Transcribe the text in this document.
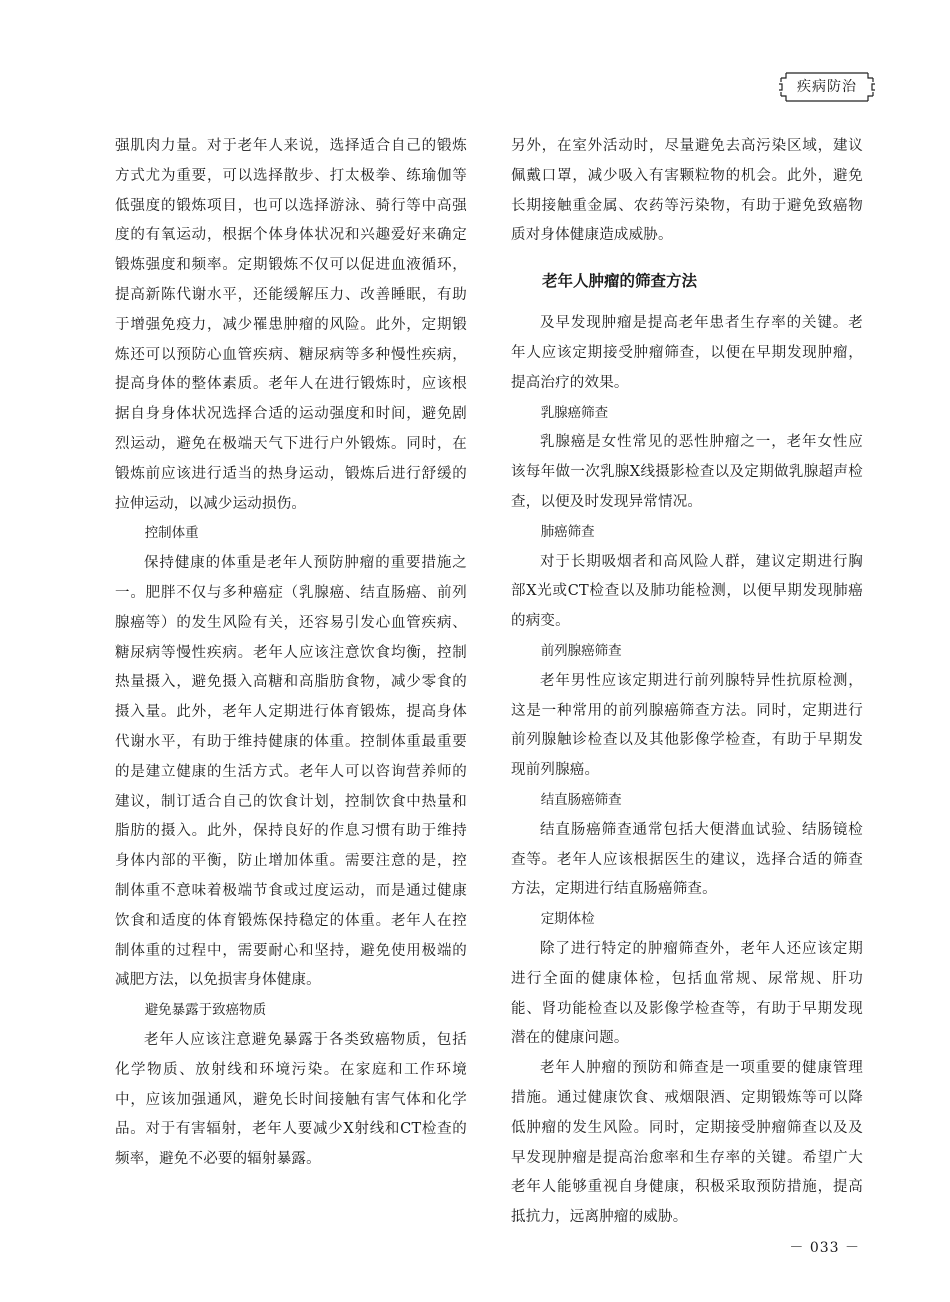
疾病防治

强肌肉力量。对于老年人来说，选择适合自己的锻炼方式尤为重要，可以选择散步、打太极拳、练瑜伽等低强度的锻炼项目，也可以选择游泳、骑行等中高强度的有氧运动，根据个体身体状况和兴趣爱好来确定锻炼强度和频率。定期锻炼不仅可以促进血液循环，提高新陈代谢水平，还能缓解压力、改善睡眠，有助于增强免疫力，减少罹患肿瘤的风险。此外，定期锻炼还可以预防心血管疾病、糖尿病等多种慢性疾病，提高身体的整体素质。老年人在进行锻炼时，应该根据自身身体状况选择合适的运动强度和时间，避免剧烈运动，避免在极端天气下进行户外锻炼。同时，在锻炼前应该进行适当的热身运动，锻炼后进行舒缓的拉伸运动，以减少运动损伤。

控制体重

保持健康的体重是老年人预防肿瘤的重要措施之一。肥胖不仅与多种癌症（乳腺癌、结直肠癌、前列腺癌等）的发生风险有关，还容易引发心血管疾病、糖尿病等慢性疾病。老年人应该注意饮食均衡，控制热量摄入，避免摄入高糖和高脂肪食物，减少零食的摄入量。此外，老年人定期进行体育锻炼，提高身体代谢水平，有助于维持健康的体重。控制体重最重要的是建立健康的生活方式。老年人可以咨询营养师的建议，制订适合自己的饮食计划，控制饮食中热量和脂肪的摄入。此外，保持良好的作息习惯有助于维持身体内部的平衡，防止增加体重。需要注意的是，控制体重不意味着极端节食或过度运动，而是通过健康饮食和适度的体育锻炼保持稳定的体重。老年人在控制体重的过程中，需要耐心和坚持，避免使用极端的减肥方法，以免损害身体健康。

避免暴露于致癌物质

老年人应该注意避免暴露于各类致癌物质，包括化学物质、放射线和环境污染。在家庭和工作环境中，应该加强通风，避免长时间接触有害气体和化学品。对于有害辐射，老年人要减少X射线和CT检查的频率，避免不必要的辐射暴露。

另外，在室外活动时，尽量避免去高污染区域，建议佩戴口罩，减少吸入有害颗粒物的机会。此外，避免长期接触重金属、农药等污染物，有助于避免致癌物质对身体健康造成威胁。

老年人肿瘤的筛查方法

及早发现肿瘤是提高老年患者生存率的关键。老年人应该定期接受肿瘤筛查，以便在早期发现肿瘤，提高治疗的效果。

乳腺癌筛查

乳腺癌是女性常见的恶性肿瘤之一，老年女性应该每年做一次乳腺X线摄影检查以及定期做乳腺超声检查，以便及时发现异常情况。

肺癌筛查

对于长期吸烟者和高风险人群，建议定期进行胸部X光或CT检查以及肺功能检测，以便早期发现肺癌的病变。

前列腺癌筛查

老年男性应该定期进行前列腺特异性抗原检测，这是一种常用的前列腺癌筛查方法。同时，定期进行前列腺触诊检查以及其他影像学检查，有助于早期发现前列腺癌。

结直肠癌筛查

结直肠癌筛查通常包括大便潜血试验、结肠镜检查等。老年人应该根据医生的建议，选择合适的筛查方法，定期进行结直肠癌筛查。

定期体检

除了进行特定的肿瘤筛查外，老年人还应该定期进行全面的健康体检，包括血常规、尿常规、肝功能、肾功能检查以及影像学检查等，有助于早期发现潜在的健康问题。

老年人肿瘤的预防和筛查是一项重要的健康管理措施。通过健康饮食、戒烟限酒、定期锻炼等可以降低肿瘤的发生风险。同时，定期接受肿瘤筛查以及及早发现肿瘤是提高治愈率和生存率的关键。希望广大老年人能够重视自身健康，积极采取预防措施，提高抵抗力，远离肿瘤的威胁。

－ 033 －
